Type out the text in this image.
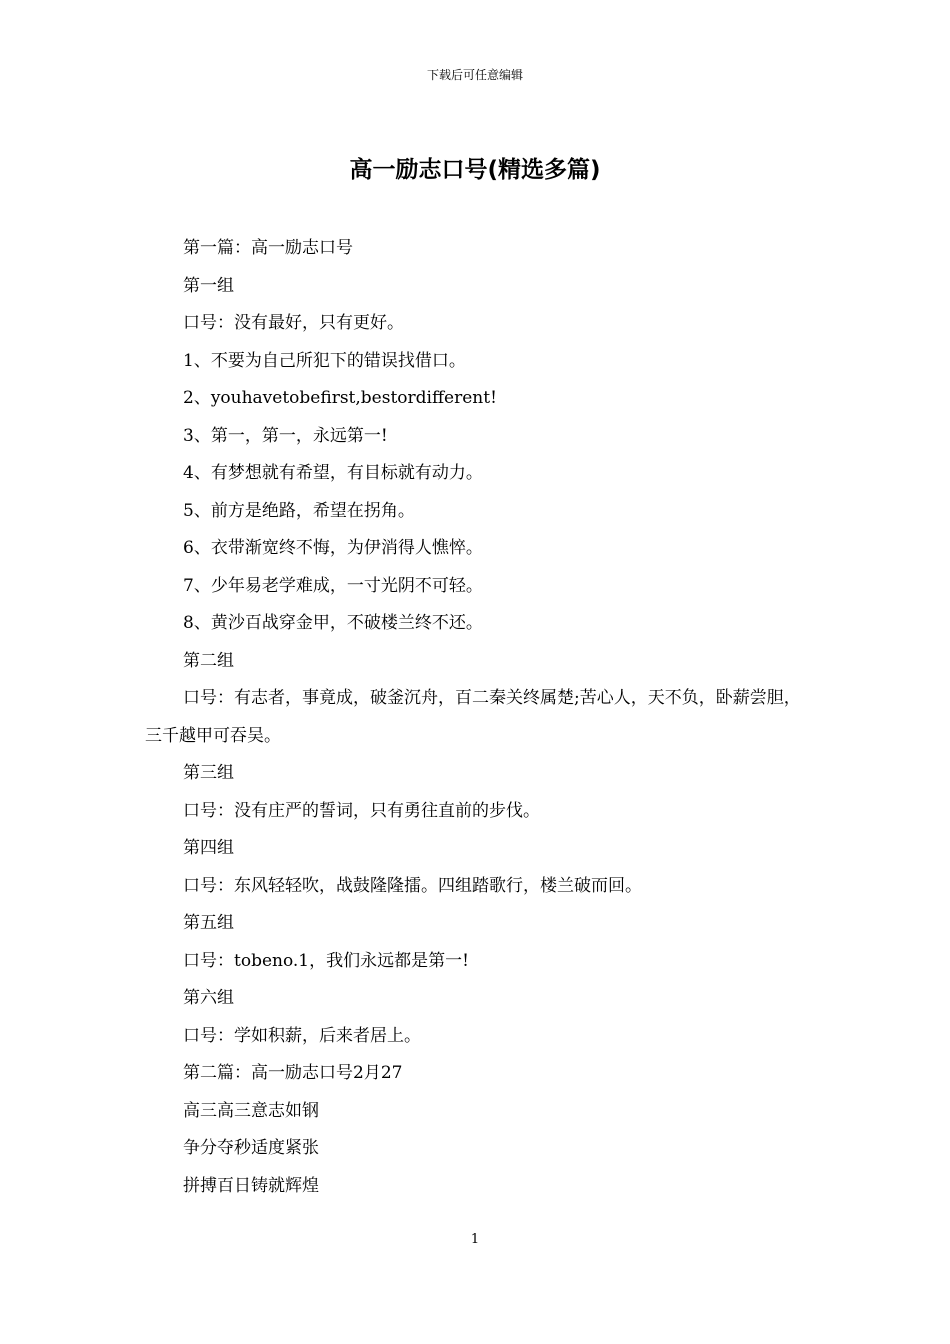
下载后可任意编辑
高一励志口号(精选多篇)

第一篇：高一励志口号

第一组

口号：没有最好，只有更好。

1、不要为自己所犯下的错误找借口。

2、youhavetobefirst,bestordifferent!

3、第一，第一，永远第一!

4、有梦想就有希望，有目标就有动力。

5、前方是绝路，希望在拐角。

6、衣带渐宽终不悔，为伊消得人憔悴。

7、少年易老学难成，一寸光阴不可轻。

8、黄沙百战穿金甲，不破楼兰终不还。

第二组

口号：有志者，事竟成，破釜沉舟，百二秦关终属楚;苦心人，天不负，卧薪尝胆，三千越甲可吞吴。

第三组

口号：没有庄严的誓词，只有勇往直前的步伐。

第四组

口号：东风轻轻吹，战鼓隆隆擂。四组踏歌行，楼兰破而回。

第五组

口号：tobeno.1，我们永远都是第一!

第六组

口号：学如积薪，后来者居上。

第二篇：高一励志口号2月27

高三高三意志如钢

争分夺秒适度紧张

拼搏百日铸就辉煌

1
